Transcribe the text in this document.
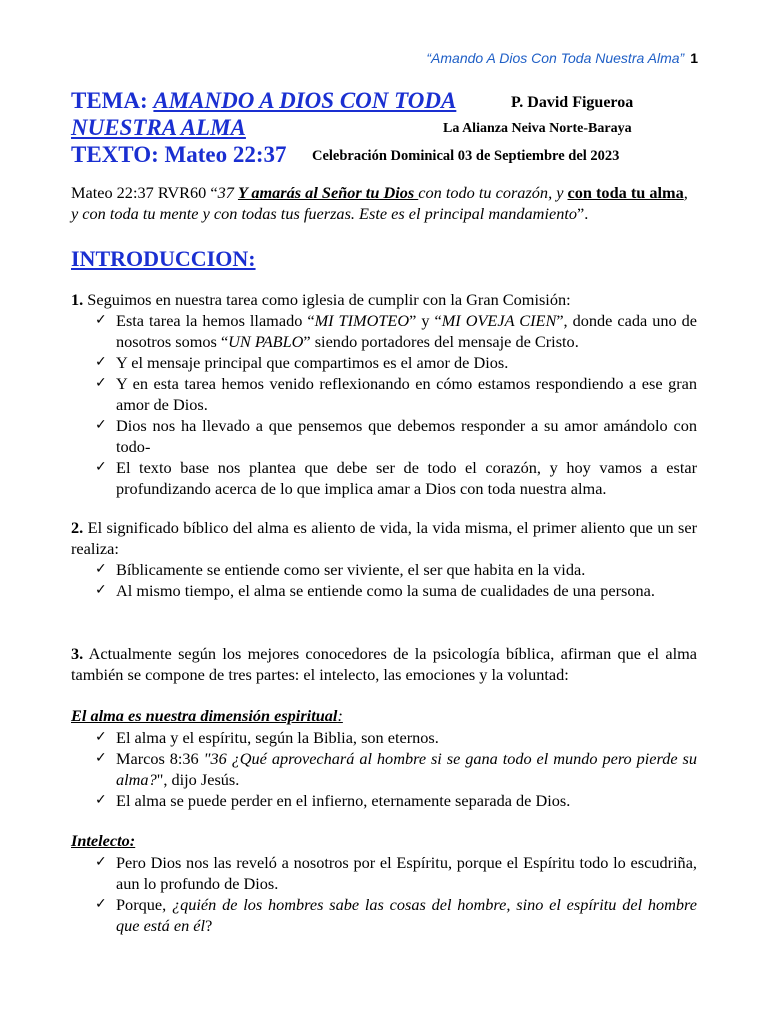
“Amando A Dios Con Toda Nuestra Alma” 1
TEMA: AMANDO A DIOS CON TODA
NUESTRA ALMA
TEXTO: Mateo 22:37
P. David Figueroa
La Alianza Neiva Norte-Baraya
Celebración Dominical 03 de Septiembre del 2023
Mateo 22:37 RVR60 “37 Y amarás al Señor tu Dios con todo tu corazón, y con toda tu alma, y con toda tu mente y con todas tus fuerzas. Este es el principal mandamiento”.
INTRODUCCION:
1. Seguimos en nuestra tarea como iglesia de cumplir con la Gran Comisión:
✓ Esta tarea la hemos llamado “MI TIMOTEO” y “MI OVEJA CIEN”, donde cada uno de nosotros somos “UN PABLO” siendo portadores del mensaje de Cristo.
✓ Y el mensaje principal que compartimos es el amor de Dios.
✓ Y en esta tarea hemos venido reflexionando en cómo estamos respondiendo a ese gran amor de Dios.
✓ Dios nos ha llevado a que pensemos que debemos responder a su amor amándolo con todo-
✓ El texto base nos plantea que debe ser de todo el corazón, y hoy vamos a estar profundizando acerca de lo que implica amar a Dios con toda nuestra alma.
2. El significado bíblico del alma es aliento de vida, la vida misma, el primer aliento que un ser realiza:
✓ Bíblicamente se entiende como ser viviente, el ser que habita en la vida.
✓ Al mismo tiempo, el alma se entiende como la suma de cualidades de una persona.
3. Actualmente según los mejores conocedores de la psicología bíblica, afirman que el alma también se compone de tres partes: el intelecto, las emociones y la voluntad:
El alma es nuestra dimensión espiritual:
✓ El alma y el espíritu, según la Biblia, son eternos.
✓ Marcos 8:36 "36 ¿Qué aprovechará al hombre si se gana todo el mundo pero pierde su alma?", dijo Jesús.
✓ El alma se puede perder en el infierno, eternamente separada de Dios.
Intelecto:
✓ Pero Dios nos las reveló a nosotros por el Espíritu, porque el Espíritu todo lo escudriña, aun lo profundo de Dios.
✓ Porque, ¿quién de los hombres sabe las cosas del hombre, sino el espíritu del hombre que está en él?
